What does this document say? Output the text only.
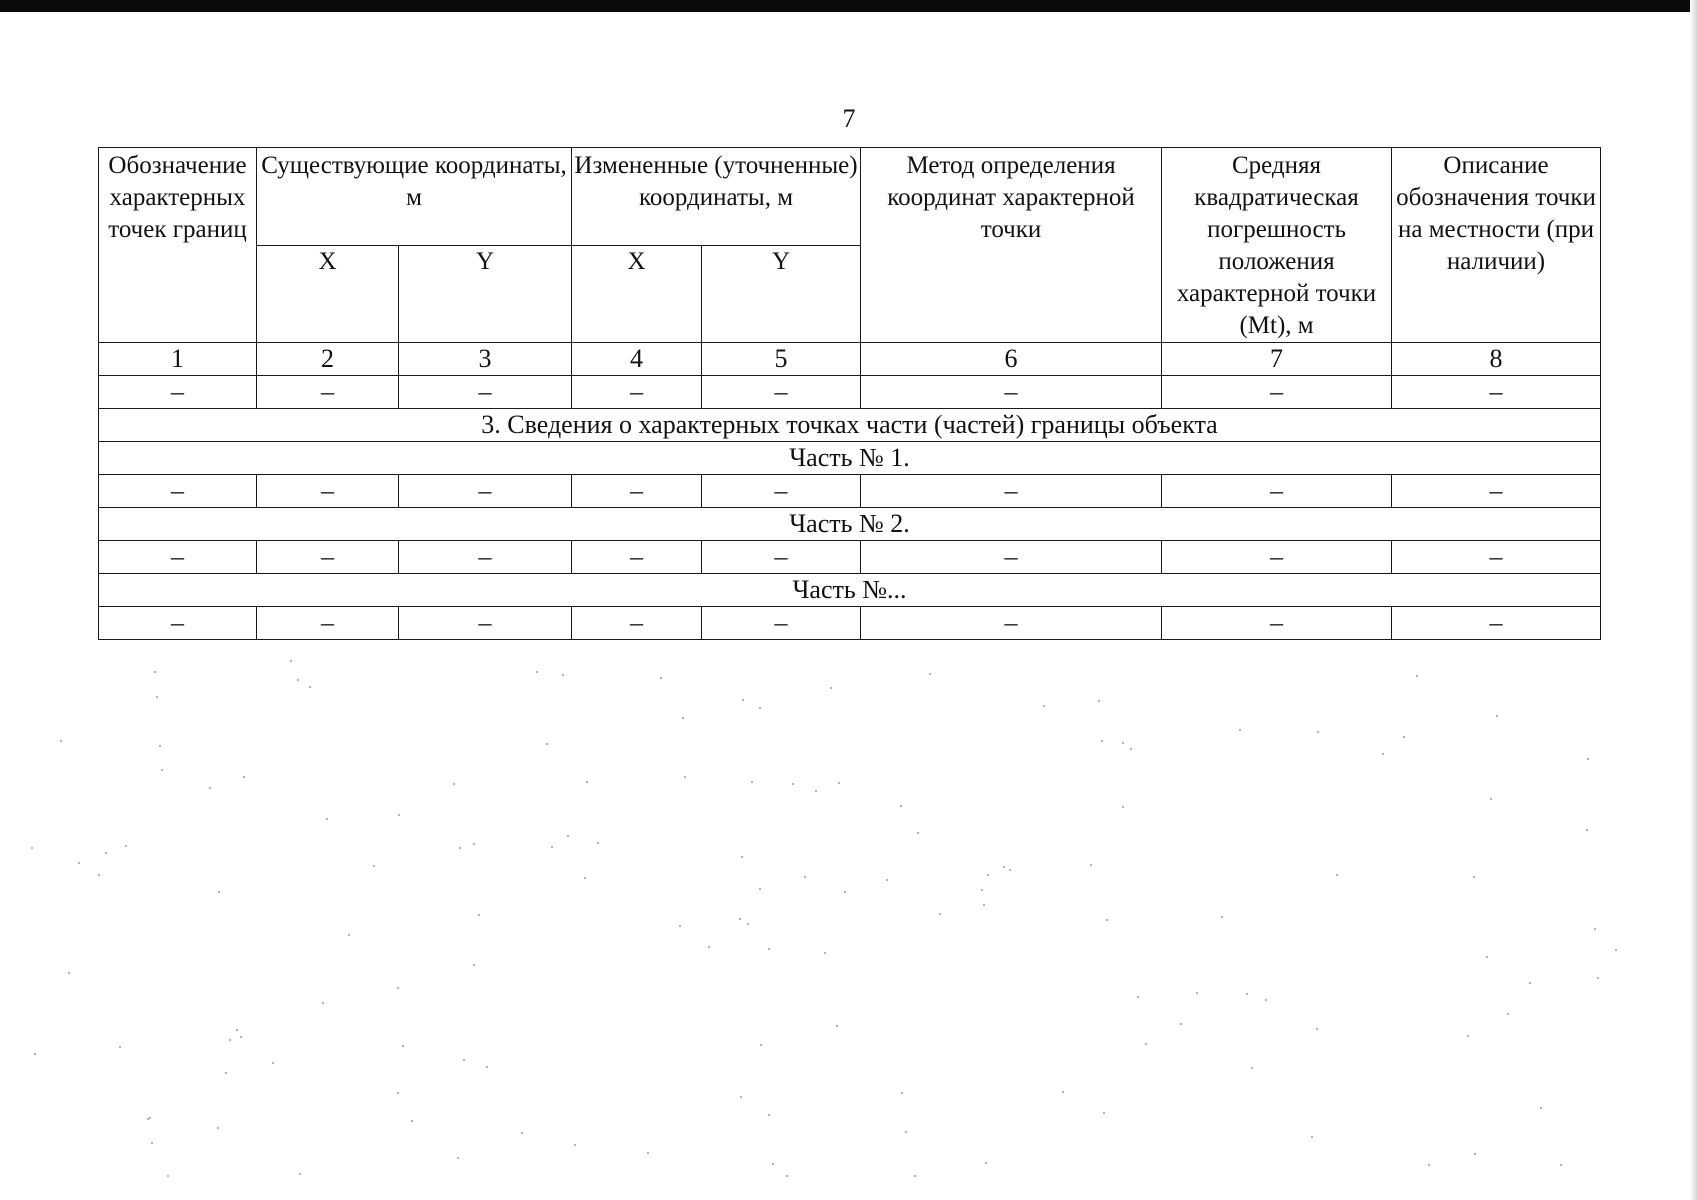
7
Обозначение характерных точек границ	Существующие координаты, м		Измененные (уточненные) координаты, м		Метод определения координат характерной точки	Средняя квадратическая погрешность положения характерной точки (Mt), м	Описание обозначения точки на местности (при наличии)

	X	Y	X	Y			
1	2	3	4	5	6	7	8
–	–	–	–	–	–	–	–
3. Сведения о характерных точках части (частей) границы объекта							
Часть № 1.							
–	–	–	–	–	–	–	–
Часть № 2.							
–	–	–	–	–	–	–	–
Часть №...							
–	–	–	–	–	–	–	–
